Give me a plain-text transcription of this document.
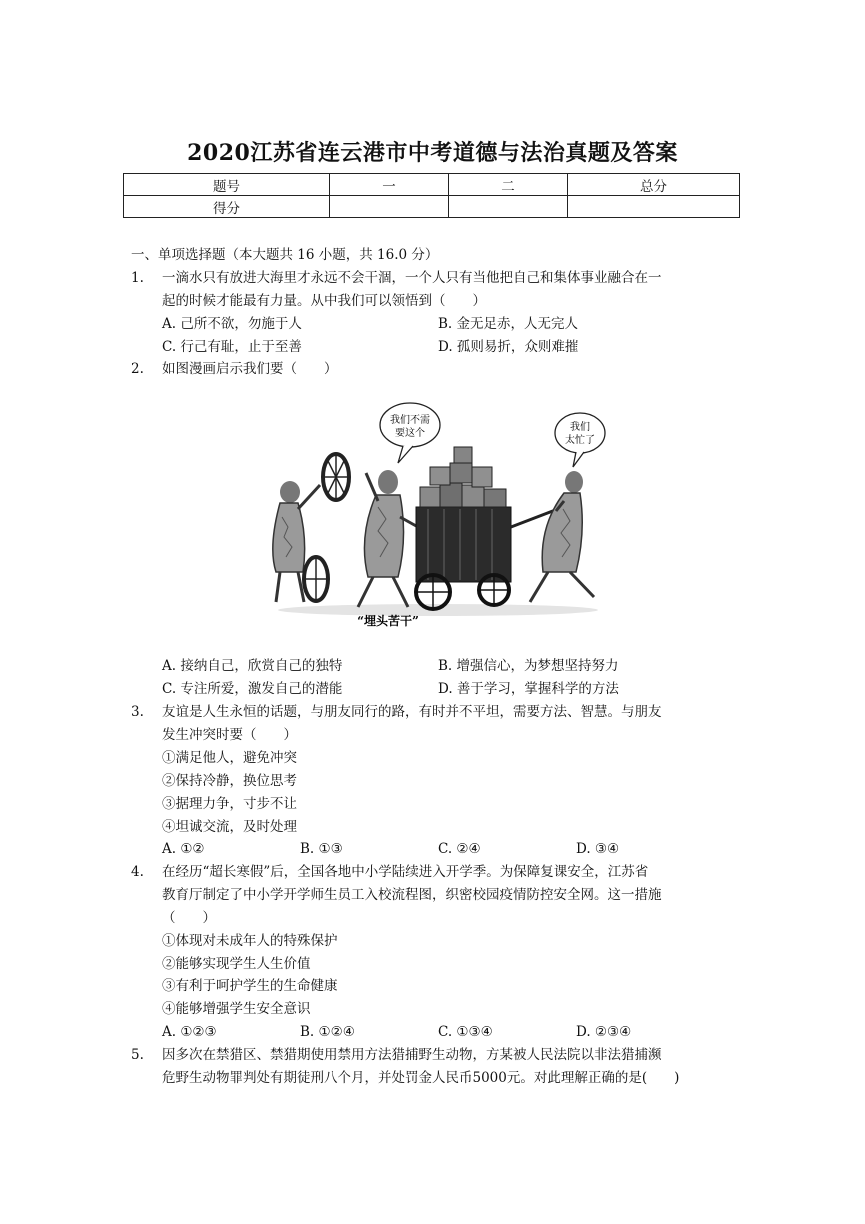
2020江苏省连云港市中考道德与法治真题及答案
题号	一	二	总分
得分			
一、单项选择题（本大题共 16 小题，共 16.0 分）
1. 一滴水只有放进大海里才永远不会干涸，一个人只有当他把自己和集体事业融合在一
起的时候才能最有力量。从中我们可以领悟到（　　）
A. 己所不欲，勿施于人	B. 金无足赤，人无完人
C. 行己有耻，止于至善	D. 孤则易折，众则难摧
2. 如图漫画启示我们要（　　）
我们不需
要这个
我们
太忙了
“埋头苦干”
A. 接纳自己，欣赏自己的独特	B. 增强信心，为梦想坚持努力
C. 专注所爱，激发自己的潜能	D. 善于学习，掌握科学的方法
3. 友谊是人生永恒的话题，与朋友同行的路，有时并不平坦，需要方法、智慧。与朋友
发生冲突时要（　　）
①满足他人，避免冲突
②保持冷静，换位思考
③据理力争，寸步不让
④坦诚交流，及时处理
A. ①②	B. ①③	C. ②④	D. ③④
4. 在经历“超长寒假”后，全国各地中小学陆续进入开学季。为保障复课安全，江苏省
教育厅制定了中小学开学师生员工入校流程图，织密校园疫情防控安全网。这一措施
（　　）
①体现对未成年人的特殊保护
②能够实现学生人生价值
③有利于呵护学生的生命健康
④能够增强学生安全意识
A. ①②③	B. ①②④	C. ①③④	D. ②③④
5. 因多次在禁猎区、禁猎期使用禁用方法猎捕野生动物，方某被人民法院以非法猎捕濒
危野生动物罪判处有期徒刑八个月，并处罚金人民币5000元。对此理解正确的是(　　)
